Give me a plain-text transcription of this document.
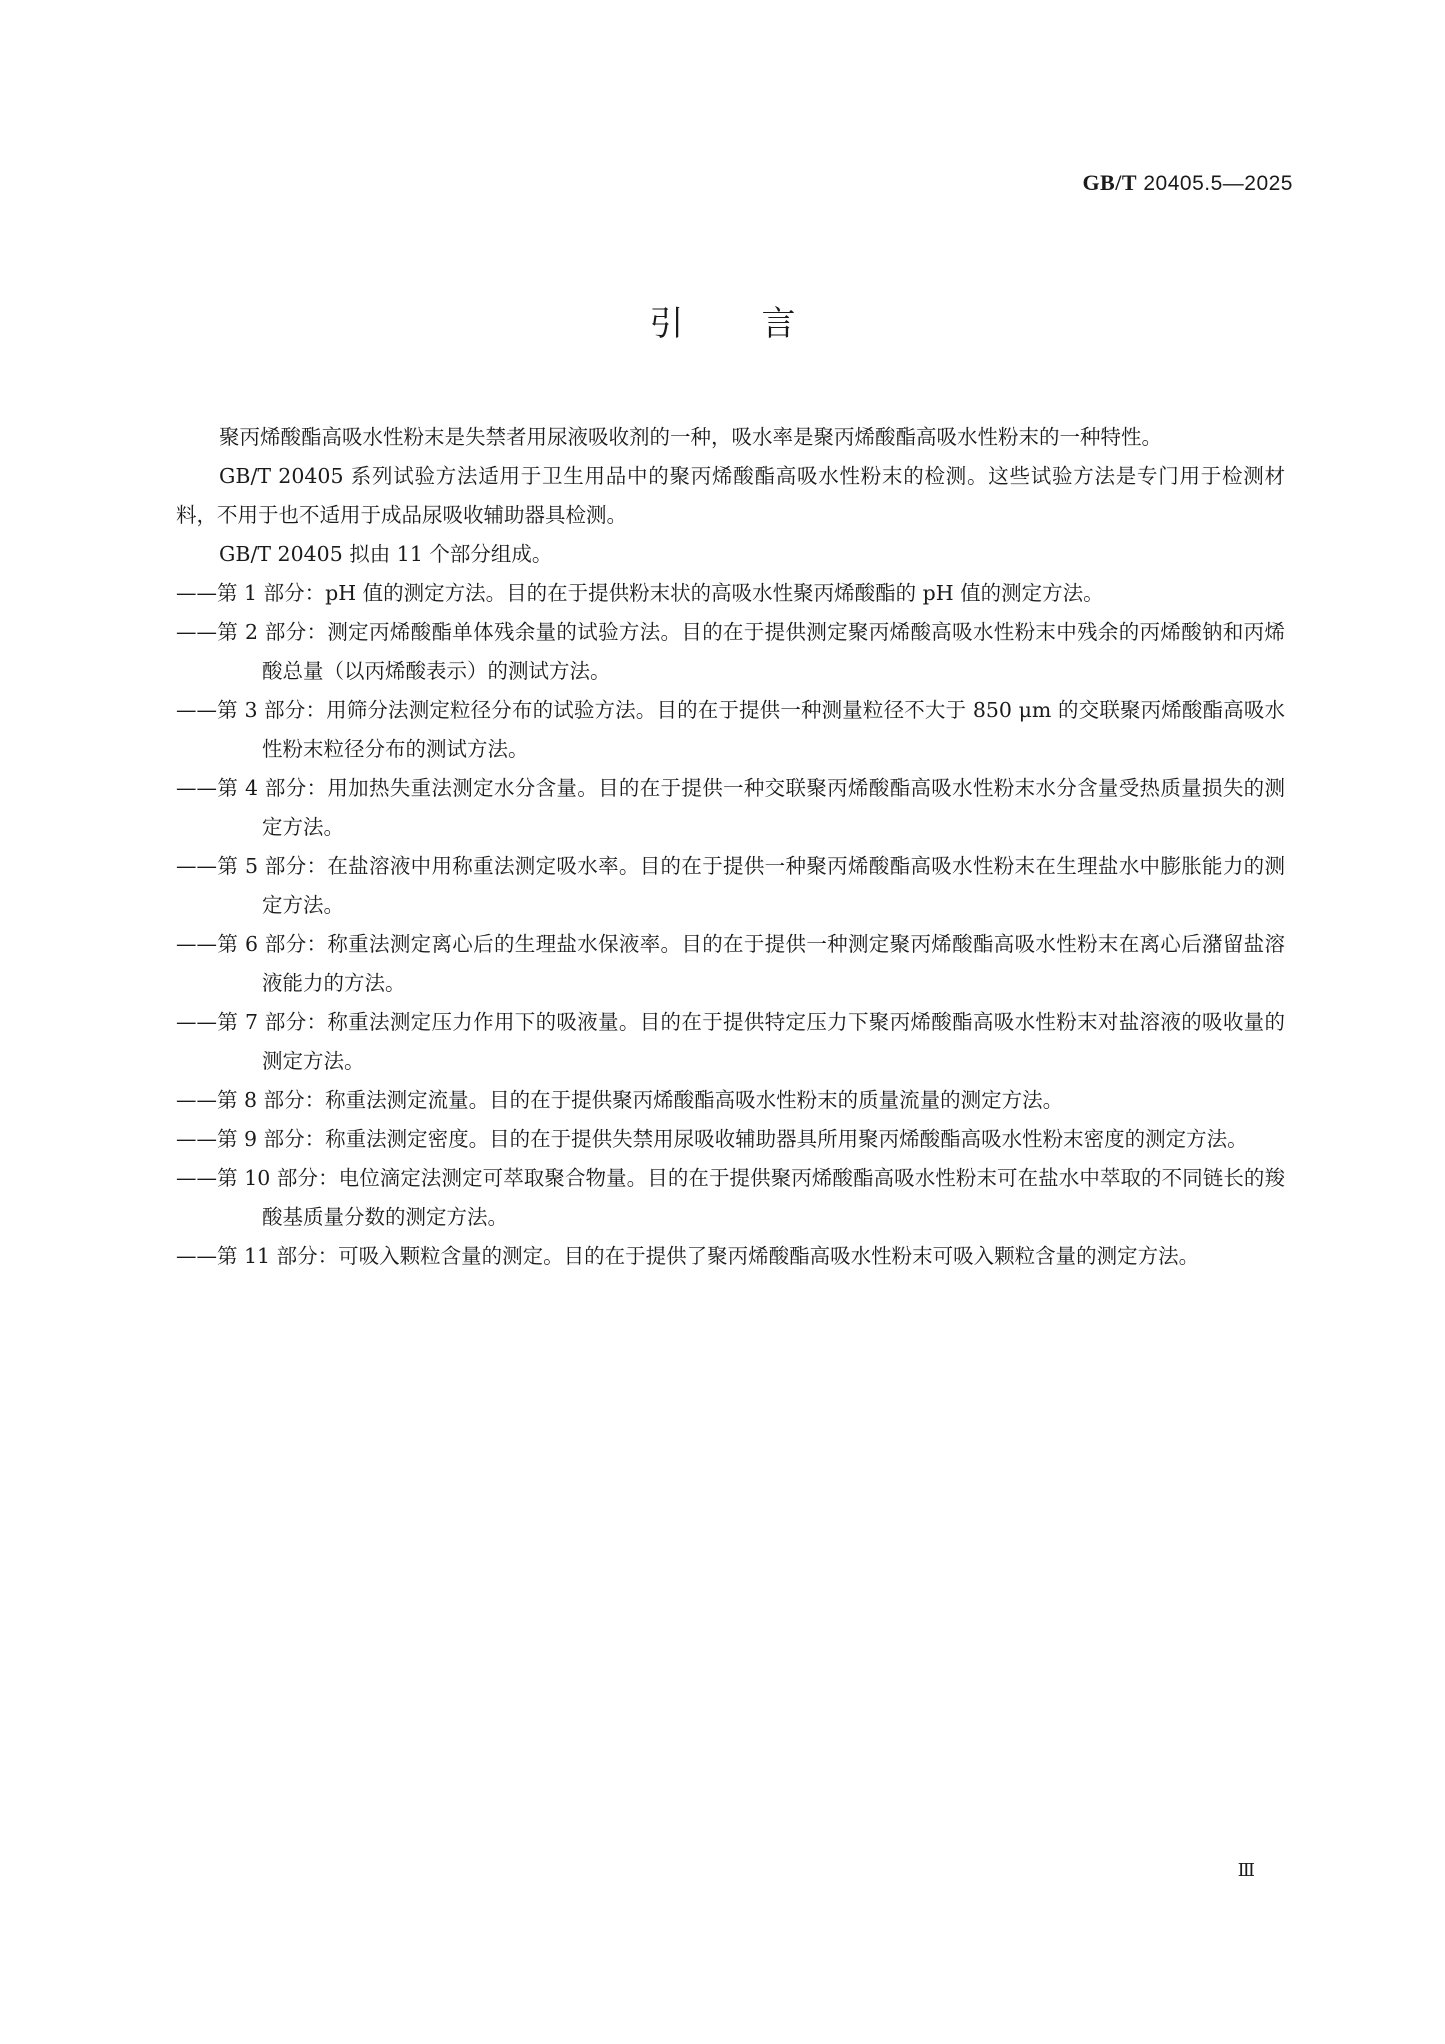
GB/T 20405.5—2025
引言

聚丙烯酸酯高吸水性粉末是失禁者用尿液吸收剂的一种，吸水率是聚丙烯酸酯高吸水性粉末的一种特性。

GB/T 20405 系列试验方法适用于卫生用品中的聚丙烯酸酯高吸水性粉末的检测。这些试验方法是专门用于检测材料，不用于也不适用于成品尿吸收辅助器具检测。

GB/T 20405 拟由 11 个部分组成。

——第 1 部分：pH 值的测定方法。目的在于提供粉末状的高吸水性聚丙烯酸酯的 pH 值的测定方法。
——第 2 部分：测定丙烯酸酯单体残余量的试验方法。目的在于提供测定聚丙烯酸高吸水性粉末中残余的丙烯酸钠和丙烯酸总量（以丙烯酸表示）的测试方法。
——第 3 部分：用筛分法测定粒径分布的试验方法。目的在于提供一种测量粒径不大于 850 μm 的交联聚丙烯酸酯高吸水性粉末粒径分布的测试方法。
——第 4 部分：用加热失重法测定水分含量。目的在于提供一种交联聚丙烯酸酯高吸水性粉末水分含量受热质量损失的测定方法。
——第 5 部分：在盐溶液中用称重法测定吸水率。目的在于提供一种聚丙烯酸酯高吸水性粉末在生理盐水中膨胀能力的测定方法。
——第 6 部分：称重法测定离心后的生理盐水保液率。目的在于提供一种测定聚丙烯酸酯高吸水性粉末在离心后潴留盐溶液能力的方法。
——第 7 部分：称重法测定压力作用下的吸液量。目的在于提供特定压力下聚丙烯酸酯高吸水性粉末对盐溶液的吸收量的测定方法。
——第 8 部分：称重法测定流量。目的在于提供聚丙烯酸酯高吸水性粉末的质量流量的测定方法。
——第 9 部分：称重法测定密度。目的在于提供失禁用尿吸收辅助器具所用聚丙烯酸酯高吸水性粉末密度的测定方法。
——第 10 部分：电位滴定法测定可萃取聚合物量。目的在于提供聚丙烯酸酯高吸水性粉末可在盐水中萃取的不同链长的羧酸基质量分数的测定方法。
——第 11 部分：可吸入颗粒含量的测定。目的在于提供了聚丙烯酸酯高吸水性粉末可吸入颗粒含量的测定方法。
Ⅲ
